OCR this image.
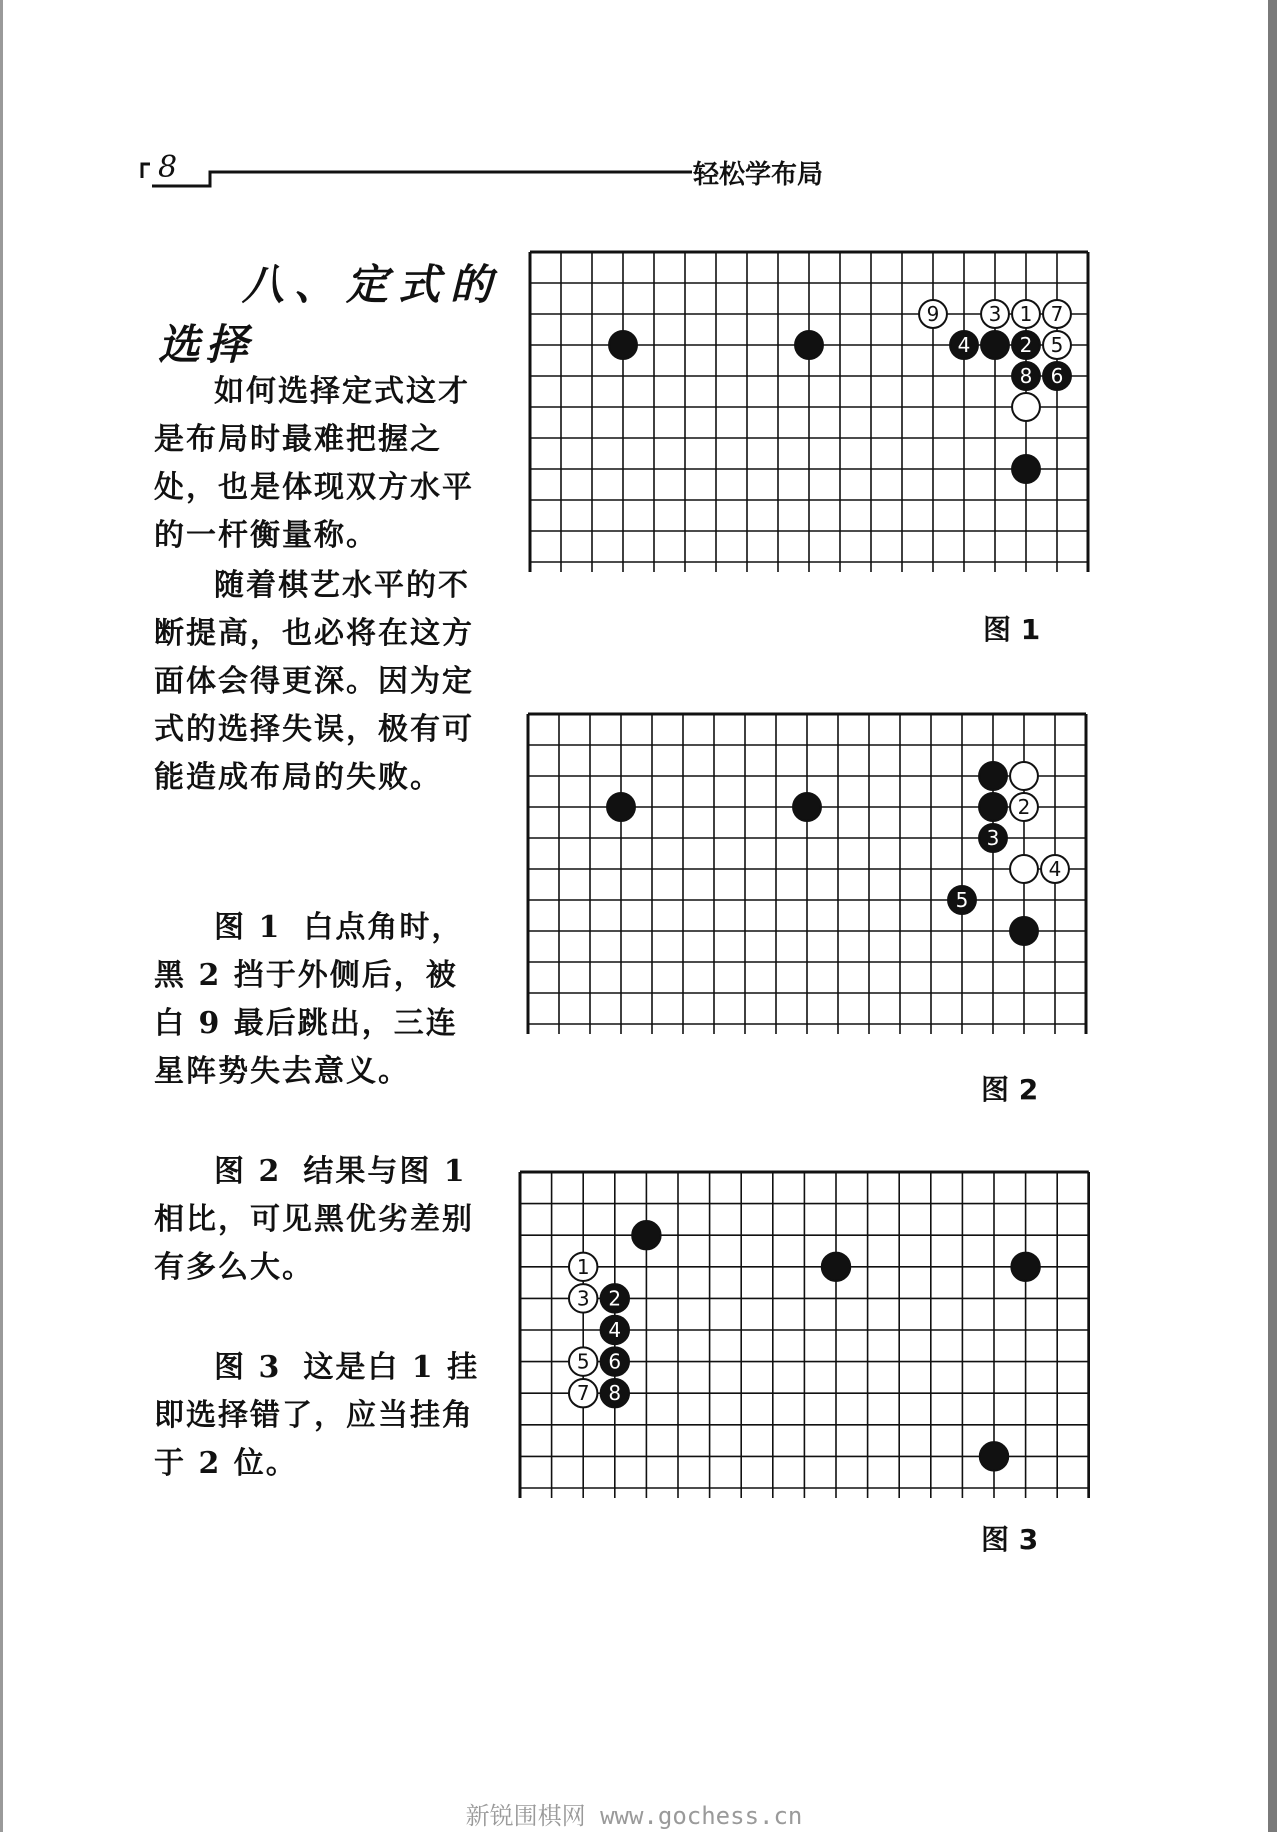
8	轻松学布局
八、定式的
选择

如何选择定式这才是布局时最难把握之处，也是体现双方水平的一杆衡量称。

随着棋艺水平的不断提高，也必将在这方面体会得更深。因为定式的选择失误，极有可能造成布局的失败。

图 1 白点角时，黑 2 挡于外侧后，被白 9 最后跳出，三连星阵势失去意义。

图 2 结果与图 1 相比，可见黑优劣差别有多么大。

图 3 这是白 1 挂即选择错了，应当挂角于 2 位。

9 3 1 7
4 2 5
8 6
图 1
2
3
4
5
图 2
1
3 2
4
5 6
7 8
图 3
新锐围棋网 www.gochess.cn
